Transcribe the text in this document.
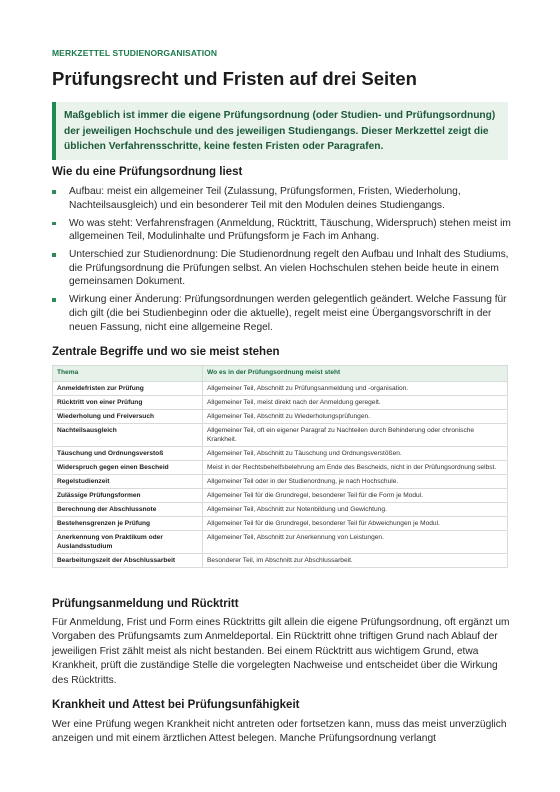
MERKZETTEL STUDIENORGANISATION
Prüfungsrecht und Fristen auf drei Seiten
Maßgeblich ist immer die eigene Prüfungsordnung (oder Studien- und Prüfungsordnung) der jeweiligen Hochschule und des jeweiligen Studiengangs. Dieser Merkzettel zeigt die üblichen Verfahrensschritte, keine festen Fristen oder Paragrafen.
Wie du eine Prüfungsordnung liest
Aufbau: meist ein allgemeiner Teil (Zulassung, Prüfungsformen, Fristen, Wiederholung, Nachteilsausgleich) und ein besonderer Teil mit den Modulen deines Studiengangs.
Wo was steht: Verfahrensfragen (Anmeldung, Rücktritt, Täuschung, Widerspruch) stehen meist im allgemeinen Teil, Modulinhalte und Prüfungsform je Fach im Anhang.
Unterschied zur Studienordnung: Die Studienordnung regelt den Aufbau und Inhalt des Studiums, die Prüfungsordnung die Prüfungen selbst. An vielen Hochschulen stehen beide heute in einem gemeinsamen Dokument.
Wirkung einer Änderung: Prüfungsordnungen werden gelegentlich geändert. Welche Fassung für dich gilt (die bei Studienbeginn oder die aktuelle), regelt meist eine Übergangsvorschrift in der neuen Fassung, nicht eine allgemeine Regel.
Zentrale Begriffe und wo sie meist stehen
Thema	Wo es in der Prüfungsordnung meist steht
Anmeldefristen zur Prüfung	Allgemeiner Teil, Abschnitt zu Prüfungsanmeldung und -organisation.
Rücktritt von einer Prüfung	Allgemeiner Teil, meist direkt nach der Anmeldung geregelt.
Wiederholung und Freiversuch	Allgemeiner Teil, Abschnitt zu Wiederholungsprüfungen.
Nachteilsausgleich	Allgemeiner Teil, oft ein eigener Paragraf zu Nachteilen durch Behinderung oder chronische Krankheit.
Täuschung und Ordnungsverstoß	Allgemeiner Teil, Abschnitt zu Täuschung und Ordnungsverstößen.
Widerspruch gegen einen Bescheid	Meist in der Rechtsbehelfsbelehrung am Ende des Bescheids, nicht in der Prüfungsordnung selbst.
Regelstudienzeit	Allgemeiner Teil oder in der Studienordnung, je nach Hochschule.
Zulässige Prüfungsformen	Allgemeiner Teil für die Grundregel, besonderer Teil für die Form je Modul.
Berechnung der Abschlussnote	Allgemeiner Teil, Abschnitt zur Notenbildung und Gewichtung.
Bestehensgrenzen je Prüfung	Allgemeiner Teil für die Grundregel, besonderer Teil für Abweichungen je Modul.
Anerkennung von Praktikum oder Auslandsstudium	Allgemeiner Teil, Abschnitt zur Anerkennung von Leistungen.
Bearbeitungszeit der Abschlussarbeit	Besonderer Teil, im Abschnitt zur Abschlussarbeit.
Prüfungsanmeldung und Rücktritt

Für Anmeldung, Frist und Form eines Rücktritts gilt allein die eigene Prüfungsordnung, oft ergänzt um Vorgaben des Prüfungsamts zum Anmeldeportal. Ein Rücktritt ohne triftigen Grund nach Ablauf der jeweiligen Frist zählt meist als nicht bestanden. Bei einem Rücktritt aus wichtigem Grund, etwa Krankheit, prüft die zuständige Stelle die vorgelegten Nachweise und entscheidet über die Wirkung des Rücktritts.

Krankheit und Attest bei Prüfungsunfähigkeit

Wer eine Prüfung wegen Krankheit nicht antreten oder fortsetzen kann, muss das meist unverzüglich anzeigen und mit einem ärztlichen Attest belegen. Manche Prüfungsordnung verlangt
